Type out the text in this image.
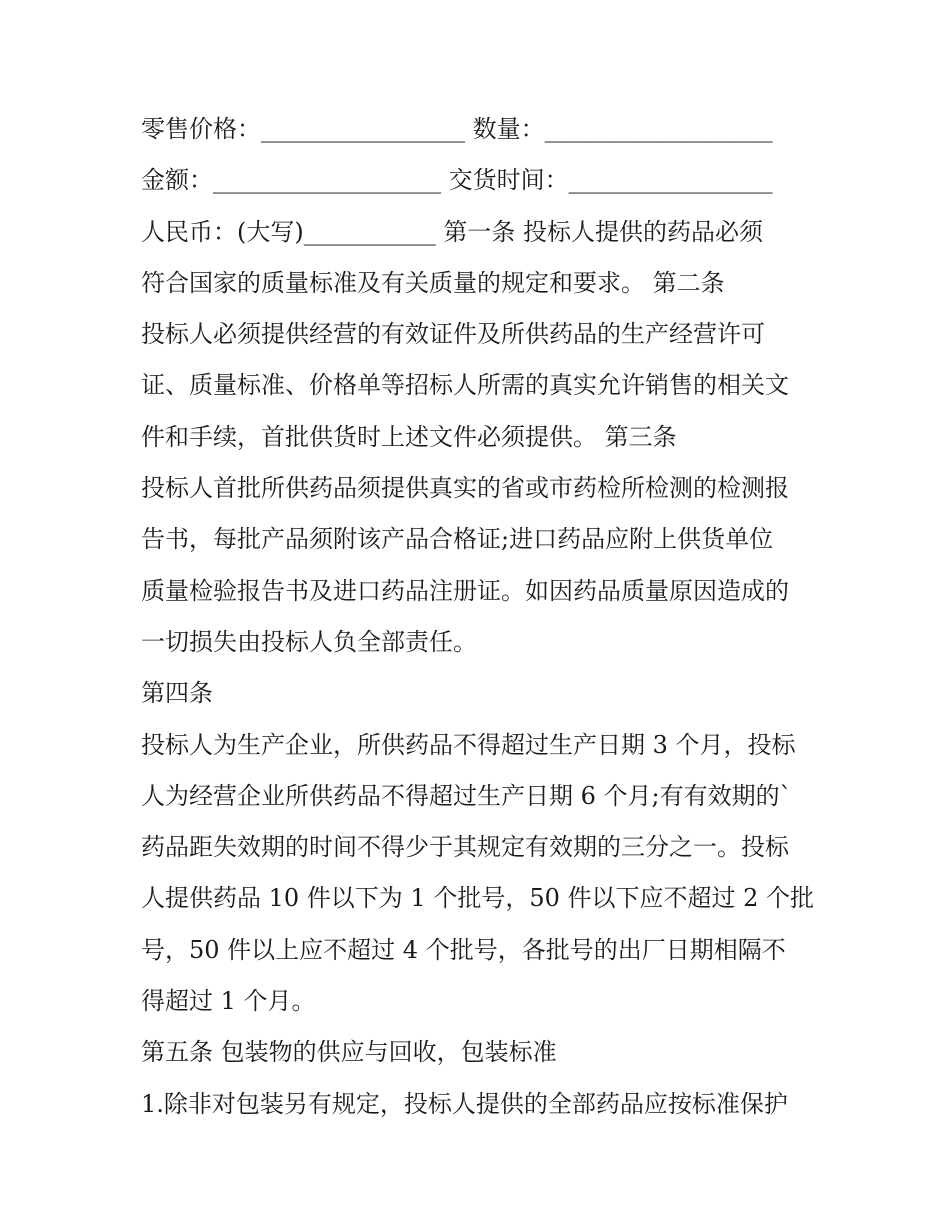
零售价格：_________________ 数量：___________________
金额：___________________ 交货时间：_________________
人民币：(大写)___________ 第一条 投标人提供的药品必须
符合国家的质量标准及有关质量的规定和要求。 第二条
投标人必须提供经营的有效证件及所供药品的生产经营许可
证、质量标准、价格单等招标人所需的真实允许销售的相关文
件和手续，首批供货时上述文件必须提供。 第三条
投标人首批所供药品须提供真实的省或市药检所检测的检测报
告书，每批产品须附该产品合格证;进口药品应附上供货单位
质量检验报告书及进口药品注册证。如因药品质量原因造成的
一切损失由投标人负全部责任。
第四条
投标人为生产企业，所供药品不得超过生产日期 3 个月，投标
人为经营企业所供药品不得超过生产日期 6 个月;有有效期的`
药品距失效期的时间不得少于其规定有效期的三分之一。投标
人提供药品 10 件以下为 1 个批号，50 件以下应不超过 2 个批
号，50 件以上应不超过 4 个批号，各批号的出厂日期相隔不
得超过 1 个月。
第五条 包装物的供应与回收，包装标准
1.除非对包装另有规定，投标人提供的全部药品应按标准保护
